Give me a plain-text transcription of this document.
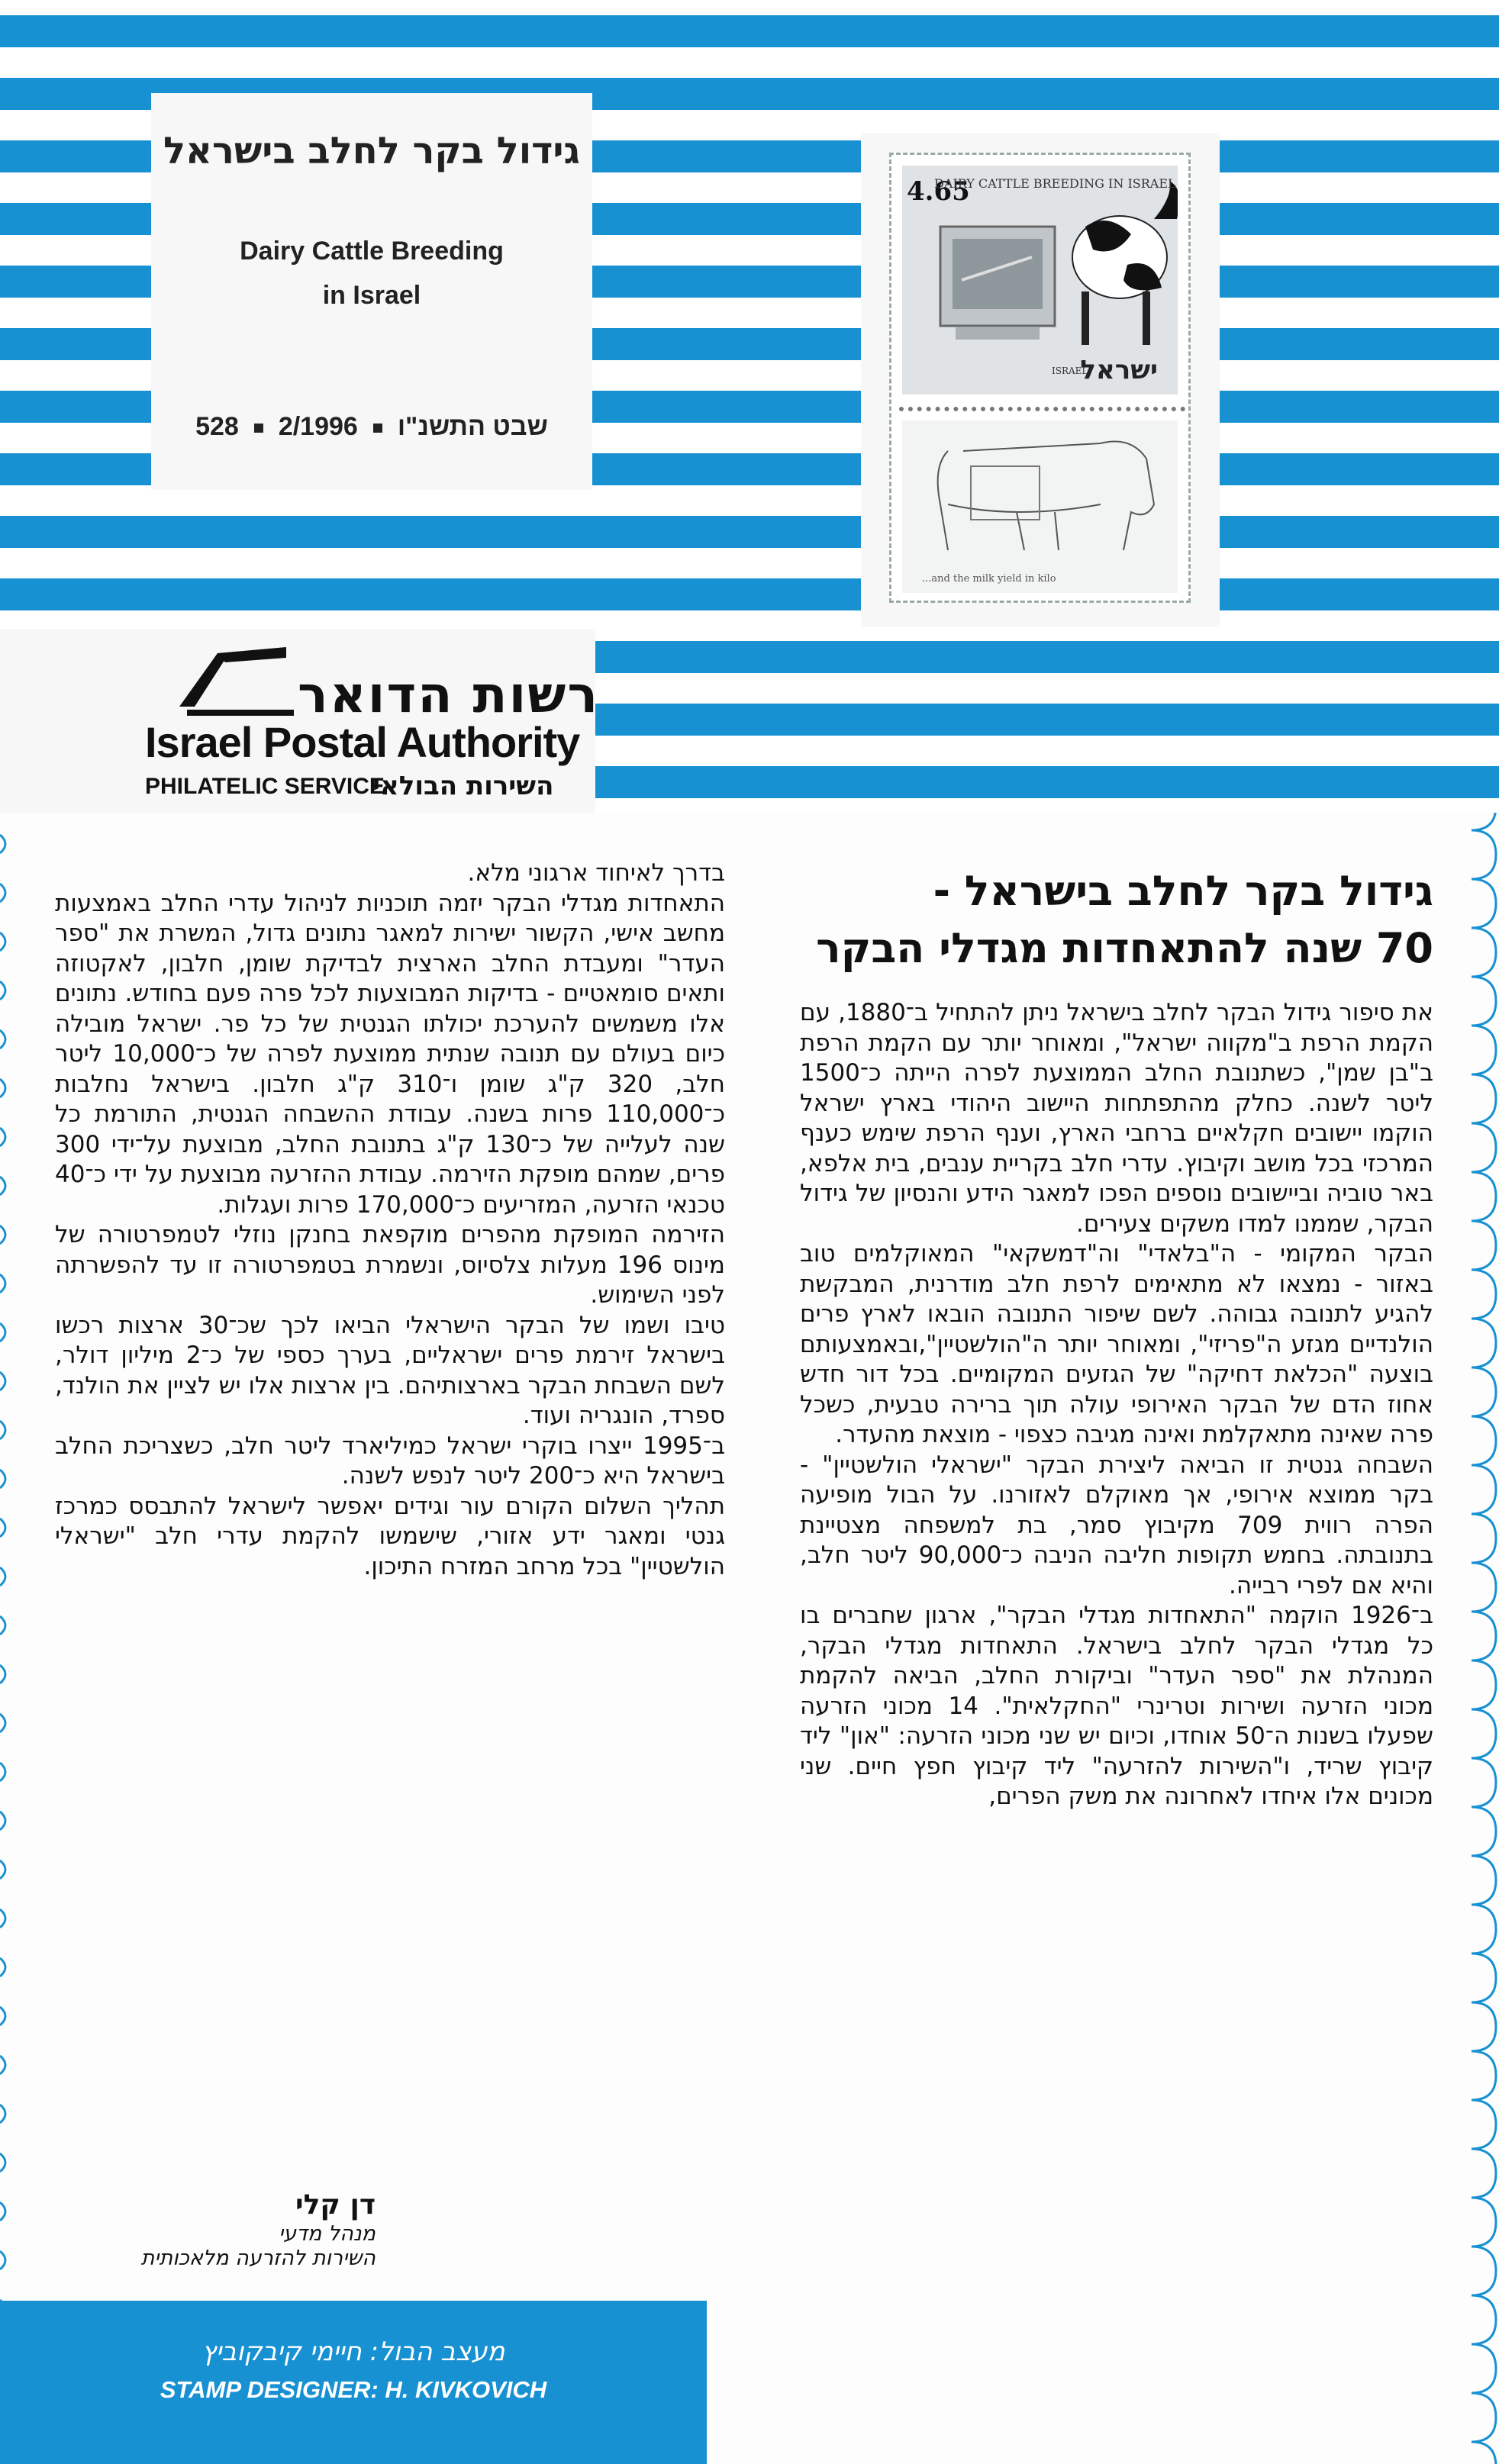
גידול בקר לחלב בישראל
Dairy Cattle Breeding
in Israel
528 2/1996 שבט התשנ"ו
4.65
DAIRY CATTLE BREEDING IN ISRAEL
ISRAEL
ישראל
...and the milk yield in kilo
רשות הדואר
Israel Postal Authority
PHILATELIC SERVICE
השירות הבולאי
גידול בקר לחלב בישראל -
70 שנה להתאחדות מגדלי הבקר

את סיפור גידול הבקר לחלב בישראל ניתן להתחיל ב־1880, עם הקמת הרפת ב"מקווה ישראל", ומאוחר יותר עם הקמת הרפת ב"בן שמן", כשתנובת החלב הממוצעת לפרה הייתה כ־1500 ליטר לשנה. כחלק מהתפתחות היישוב היהודי בארץ ישראל הוקמו יישובים חקלאיים ברחבי הארץ, וענף הרפת שימש כענף המרכזי בכל מושב וקיבוץ. עדרי חלב בקריית ענבים, בית אלפא, באר טוביה וביישובים נוספים הפכו למאגר הידע והנסיון של גידול הבקר, שממנו למדו משקים צעירים.

הבקר המקומי - ה"בלאדי" וה"דמשקאי" המאוקלמים טוב באזור - נמצאו לא מתאימים לרפת חלב מודרנית, המבקשת להגיע לתנובה גבוהה. לשם שיפור התנובה הובאו לארץ פרים הולנדיים מגזע ה"פריזי", ומאוחר יותר ה"הולשטיין",ובאמצעותם בוצעה "הכלאת דחיקה" של הגזעים המקומיים. בכל דור חדש אחוז הדם של הבקר האירופי עולה תוך ברירה טבעית, כשכל פרה שאינה מתאקלמת ואינה מגיבה כצפוי - מוצאת מהעדר.

השבחה גנטית זו הביאה ליצירת הבקר "ישראלי הולשטיין" - בקר ממוצא אירופי, אך מאוקלם לאזורנו. על הבול מופיעה הפרה רווית 709 מקיבוץ סמר, בת למשפחה מצטיינת בתנובתה. בחמש תקופות חליבה הניבה כ־90,000 ליטר חלב, והיא אם לפרי רבייה.

ב־1926 הוקמה "התאחדות מגדלי הבקר", ארגון שחברים בו כל מגדלי הבקר לחלב בישראל. התאחדות מגדלי הבקר, המנהלת את "ספר העדר" וביקורת החלב, הביאה להקמת מכוני הזרעה ושירות וטרינרי "החקלאית". 14 מכוני הזרעה שפעלו בשנות ה־50 אוחדו, וכיום יש שני מכוני הזרעה: "און" ליד קיבוץ שריד, ו"השירות להזרעה" ליד קיבוץ חפץ חיים. שני מכונים אלו איחדו לאחרונה את משק הפרים,

בדרך לאיחוד ארגוני מלא.

התאחדות מגדלי הבקר יזמה תוכניות לניהול עדרי החלב באמצעות מחשב אישי, הקשור ישירות למאגר נתונים גדול, המשרת את "ספר העדר" ומעבדת החלב הארצית לבדיקת שומן, חלבון, לאקטוזה ותאים סומאטיים - בדיקות המבוצעות לכל פרה פעם בחודש. נתונים אלו משמשים להערכת יכולתו הגנטית של כל פר. ישראל מובילה כיום בעולם עם תנובה שנתית ממוצעת לפרה של כ־10,000 ליטר חלב, 320 ק"ג שומן ו־310 ק"ג חלבון. בישראל נחלבות כ־110,000 פרות בשנה. עבודת ההשבחה הגנטית, התורמת כל שנה לעלייה של כ־130 ק"ג בתנובת החלב, מבוצעת על־ידי 300 פרים, שמהם מופקת הזירמה. עבודת ההזרעה מבוצעת על ידי כ־40 טכנאי הזרעה, המזריעים כ־170,000 פרות ועגלות.

הזירמה המופקת מהפרים מוקפאת בחנקן נוזלי לטמפרטורה של מינוס 196 מעלות צלסיוס, ונשמרת בטמפרטורה זו עד להפשרתה לפני השימוש.

טיבו ושמו של הבקר הישראלי הביאו לכך שכ־30 ארצות רכשו בישראל זירמת פרים ישראליים, בערך כספי של כ־2 מיליון דולר, לשם השבחת הבקר בארצותיהם. בין ארצות אלו יש לציין את הולנד, ספרד, הונגריה ועוד.

ב־1995 ייצרו בוקרי ישראל כמיליארד ליטר חלב, כשצריכת החלב בישראל היא כ־200 ליטר לנפש לשנה.

תהליך השלום הקורם עור וגידים יאפשר לישראל להתבסס כמרכז גנטי ומאגר ידע אזורי, שישמשו להקמת עדרי חלב "ישראלי הולשטיין" בכל מרחב המזרח התיכון.

דן קלי
מנהל מדעי
השירות להזרעה מלאכותית
מעצב הבול: חיימי קיבקוביץ
STAMP DESIGNER: H. KIVKOVICH
